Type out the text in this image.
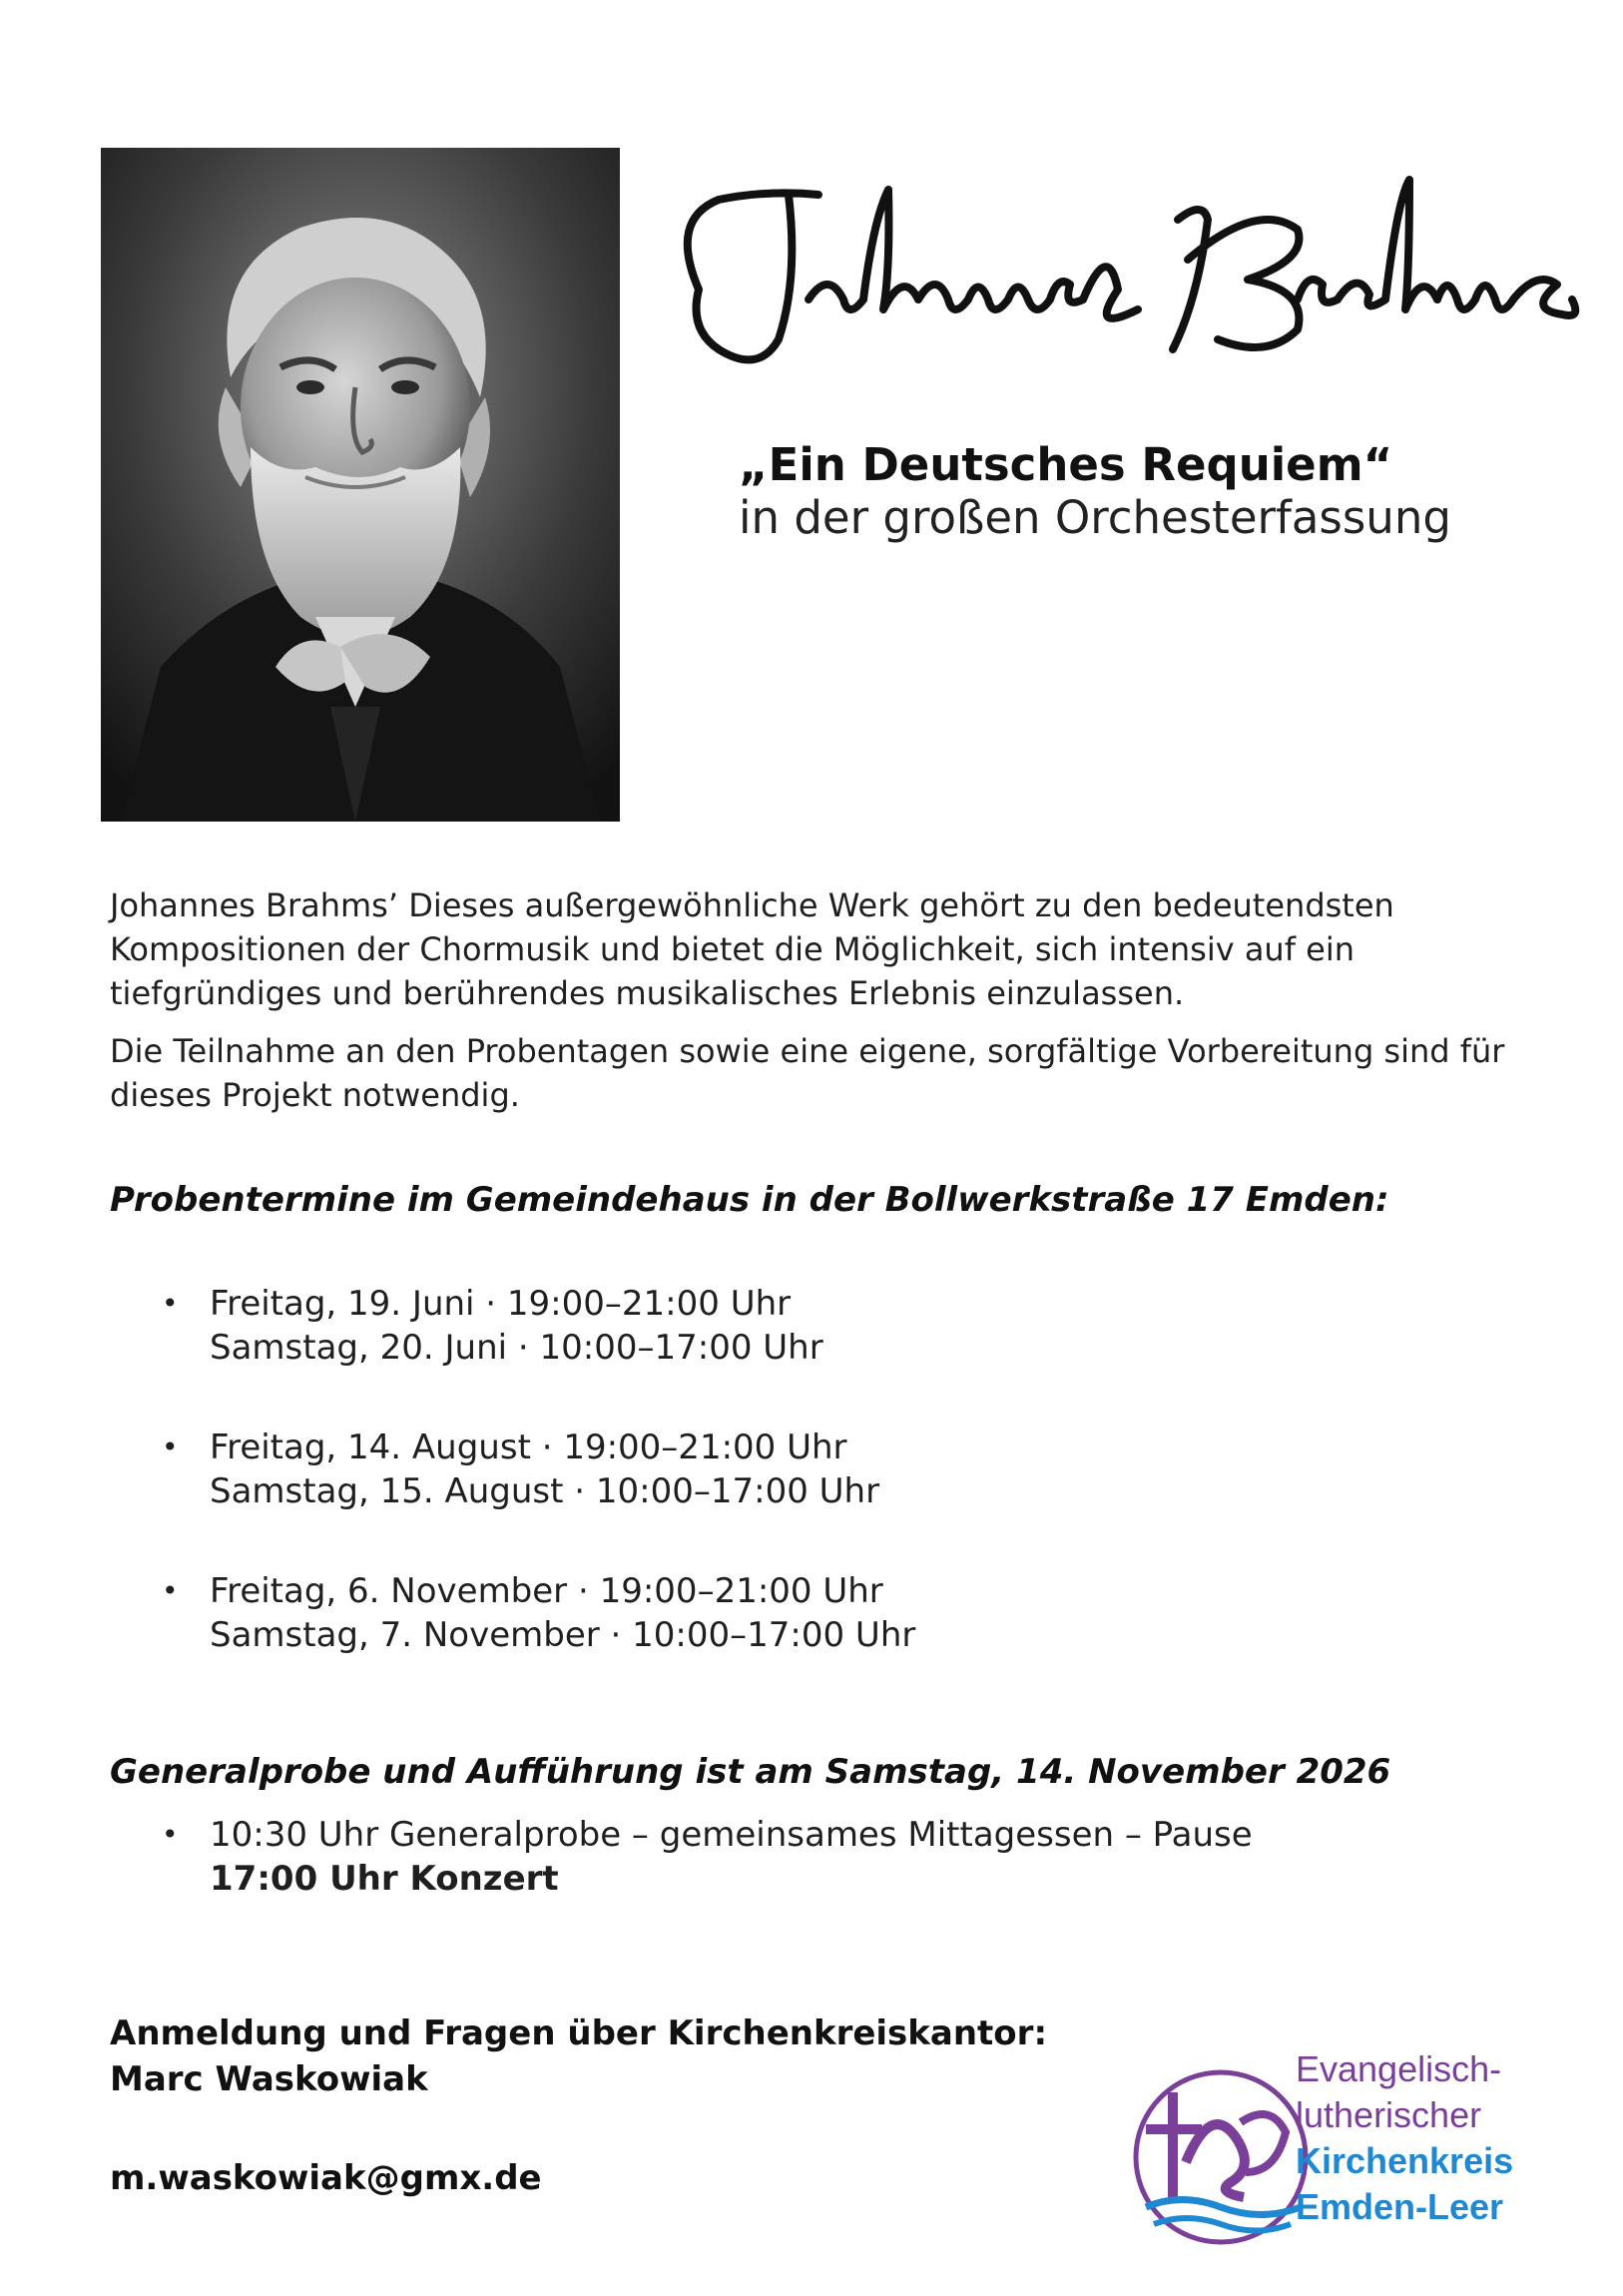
„Ein Deutsches Requiem“

in der großen Orchesterfassung

Johannes Brahms’ Dieses außergewöhnliche Werk gehört zu den bedeutendsten Kompositionen der Chormusik und bietet die Möglichkeit, sich intensiv auf ein tiefgründiges und berührendes musikalisches Erlebnis einzulassen.

Die Teilnahme an den Probentagen sowie eine eigene, sorgfältige Vorbereitung sind für dieses Projekt notwendig.

Probentermine im Gemeindehaus in der Bollwerkstraße 17 Emden:

• Freitag, 19. Juni · 19:00–21:00 Uhr
Samstag, 20. Juni · 10:00–17:00 Uhr
• Freitag, 14. August · 19:00–21:00 Uhr
Samstag, 15. August · 10:00–17:00 Uhr
• Freitag, 6. November · 19:00–21:00 Uhr
Samstag, 7. November · 10:00–17:00 Uhr

Generalprobe und Aufführung ist am Samstag, 14. November 2026

• 10:30 Uhr Generalprobe – gemeinsames Mittagessen – Pause
17:00 Uhr Konzert
Anmeldung und Fragen über Kirchenkreiskantor:
Marc Waskowiak
m.waskowiak@gmx.de
Evangelisch-
lutherischer
Kirchenkreis
Emden-Leer
